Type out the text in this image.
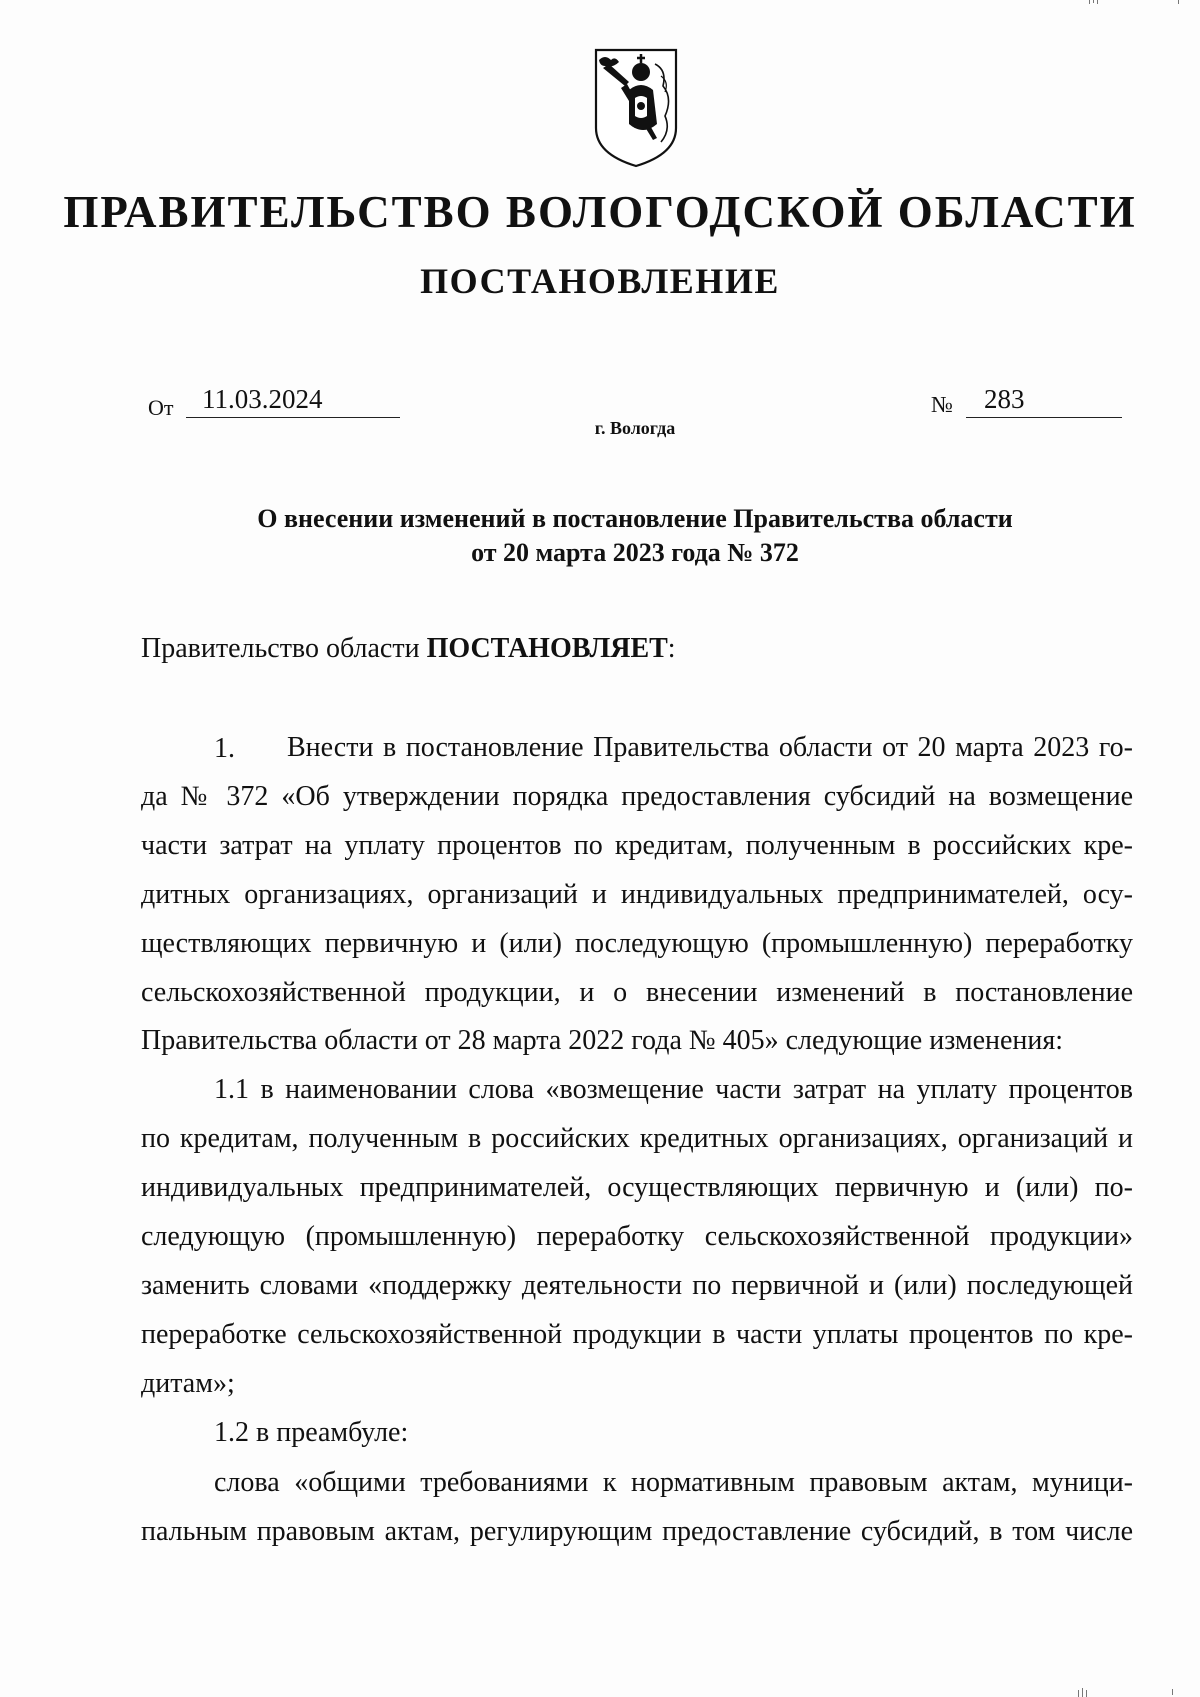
ПРАВИТЕЛЬСТВО ВОЛОГОДСКОЙ ОБЛАСТИ
ПОСТАНОВЛЕНИЕ
От	11.03.2024	№	283
г. Вологда
О внесении изменений в постановление Правительства области
от 20 марта 2023 года № 372
Правительство области ПОСТАНОВЛЯЕТ:
1. Внести в постановление Правительства области от 20 марта 2023 го-
да № 372 «Об утверждении порядка предоставления субсидий на возмещение
части затрат на уплату процентов по кредитам, полученным в российских кре-
дитных организациях, организаций и индивидуальных предпринимателей, осу-
ществляющих первичную и (или) последующую (промышленную) переработку
сельскохозяйственной продукции, и о внесении изменений в постановление
Правительства области от 28 марта 2022 года № 405» следующие изменения:
1.1 в наименовании слова «возмещение части затрат на уплату процентов
по кредитам, полученным в российских кредитных организациях, организаций и
индивидуальных предпринимателей, осуществляющих первичную и (или) по-
следующую (промышленную) переработку сельскохозяйственной продукции»
заменить словами «поддержку деятельности по первичной и (или) последующей
переработке сельскохозяйственной продукции в части уплаты процентов по кре-
дитам»;
1.2 в преамбуле:
слова «общими требованиями к нормативным правовым актам, муници-
пальным правовым актам, регулирующим предоставление субсидий, в том числе
